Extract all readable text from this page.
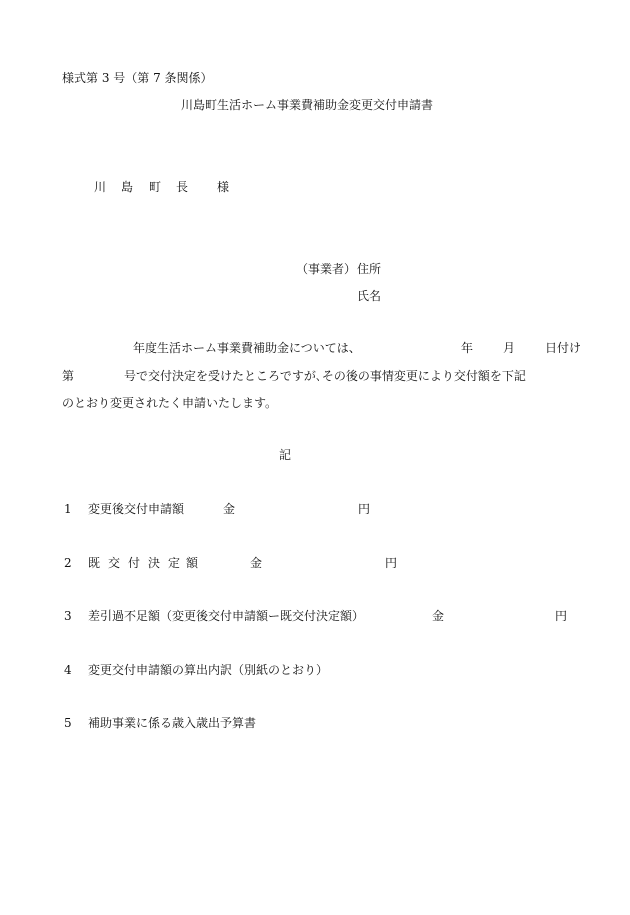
様式第 3 号（第 7 条関係）
川島町生活ホーム事業費補助金変更交付申請書
川 島 町 長 様
（事業者） 住所
氏名
年度生活ホーム事業費補助金については、	年 月 日付け
第	号で交付決定を受けたところですが､その後の事情変更により交付額を下記
のとおり変更されたく申請いたします。
記
1 変更後交付申請額	金	円
2 既 交 付 決 定 額	金	円
3 差引過不足額（変更後交付申請額ー既交付決定額）	金	円
4 変更交付申請額の算出内訳（別紙のとおり）
5 補助事業に係る歳入歳出予算書
